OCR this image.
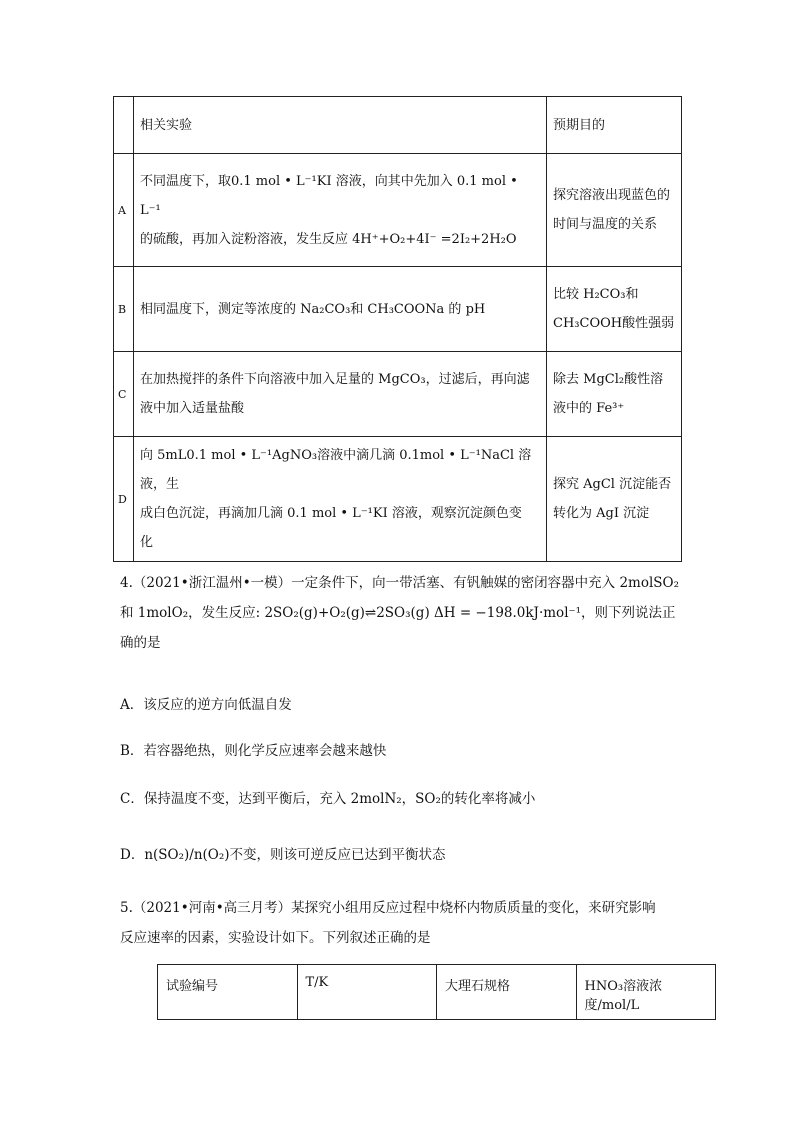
	相关实验	预期目的
A	不同温度下，取0.1 mol • L⁻¹KI 溶液，向其中先加入 0.1 mol • L⁻¹
的硫酸，再加入淀粉溶液，发生反应 4H⁺+O₂+4I⁻ =2I₂+2H₂O	探究溶液出现蓝色的时间与温度的关系
B	相同温度下，测定等浓度的 Na₂CO₃和 CH₃COONa 的 pH	比较 H₂CO₃和 CH₃COOH酸性强弱
C	在加热搅拌的条件下向溶液中加入足量的 MgCO₃，过滤后，再向滤
液中加入适量盐酸	除去 MgCl₂酸性溶液中的 Fe³⁺
D	向 5mL0.1 mol • L⁻¹AgNO₃溶液中滴几滴 0.1mol • L⁻¹NaCl 溶液，生
成白色沉淀，再滴加几滴 0.1 mol • L⁻¹KI 溶液，观察沉淀颜色变
化	探究 AgCl 沉淀能否转化为 AgI 沉淀
4.（2021•浙江温州•一模）一定条件下，向一带活塞、有钒触媒的密闭容器中充入 2molSO₂
和 1molO₂，发生反应: 2SO₂(g)+O₂(g)⇌2SO₃(g) ΔH = −198.0kJ·mol⁻¹，则下列说法正
确的是
A．该反应的逆方向低温自发
B．若容器绝热，则化学反应速率会越来越快
C．保持温度不变，达到平衡后，充入 2molN₂，SO₂的转化率将减小
D．n(SO₂)/n(O₂)不变，则该可逆反应已达到平衡状态
5.（2021•河南•高三月考）某探究小组用反应过程中烧杯内物质质量的变化，来研究影响
反应速率的因素，实验设计如下。下列叙述正确的是
试验编号	T/K	大理石规格	HNO₃溶液浓度/mol/L
